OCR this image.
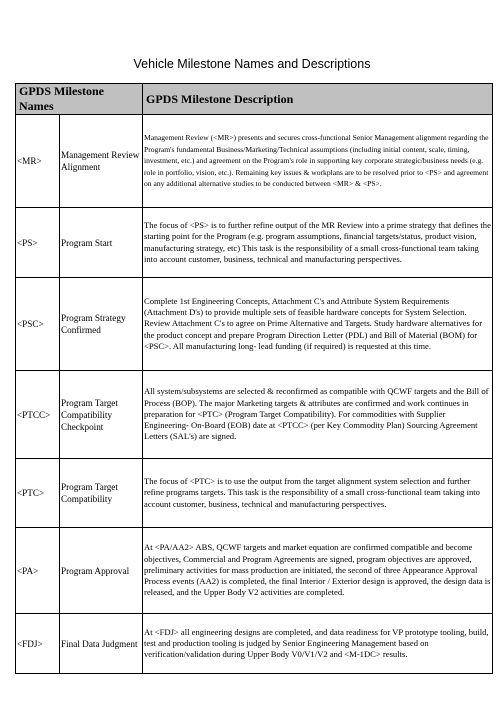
Vehicle Milestone Names and Descriptions
GPDS Milestone Names		GPDS Milestone Description
<MR>	Management Review Alignment	Management Review (<MR>) presents and secures cross-functional Senior Management alignment regarding the Program's fundamental Business/Marketing/Technical assumptions (including initial content, scale, timing, investment, etc.) and agreement on the Program's role in supporting key corporate strategic/business needs (e.g. role in portfolio, vision, etc.). Remaining key issues & workplans are to be resolved prior to <PS> and agreement on any additional alternative studies to be conducted between <MR> & <PS>.
<PS>	Program Start	The focus of <PS> is to further refine output of the MR Review into a prime strategy that defines the starting point for the Program (e.g. program assumptions, financial targets/status, product vision, manufacturing strategy, etc) This task is the responsibility of a small cross-functional team taking into account customer, business, technical and manufacturing perspectives.
<PSC>	Program Strategy Confirmed	Complete 1st Engineering Concepts, Attachment C's and Attribute System Requirements (Attachment D's) to provide multiple sets of feasible hardware concepts for System Selection. Review Attachment C's to agree on Prime Alternative and Targets. Study hardware alternatives for the product concept and prepare Program Direction Letter (PDL) and Bill of Material (BOM) for <PSC>. All manufacturing long- lead funding (if required) is requested at this time.
<PTCC>	Program Target Compatibility Checkpoint	All system/subsystems are selected & reconfirmed as compatible with QCWF targets and the Bill of Process (BOP). The major Marketing targets & attributes are confirmed and work continues in preparation for <PTC> (Program Target Compatibility). For commodities with Supplier Engineering- On-Board (EOB) date at <PTCC> (per Key Commodity Plan) Sourcing Agreement Letters (SAL's) are signed.
<PTC>	Program Target Compatibility	The focus of <PTC> is to use the output from the target alignment system selection and further refine programs targets. This task is the responsibility of a small cross-functional team taking into account customer, business, technical and manufacturing perspectives.
<PA>	Program Approval	At <PA/AA2> ABS, QCWF targets and market equation are confirmed compatible and become objectives, Commercial and Program Agreements are signed, program objectives are approved, preliminary activities for mass production are initiated, the second of three Appearance Approval Process events (AA2) is completed, the final Interior / Exterior design is approved, the design data is released, and the Upper Body V2 activities are completed.
<FDJ>	Final Data Judgment	At <FDJ> all engineering designs are completed, and data readiness for VP prototype tooling, build, test and production tooling is judged by Senior Engineering Management based on verification/validation during Upper Body V0/V1/V2 and <M-1DC> results.
